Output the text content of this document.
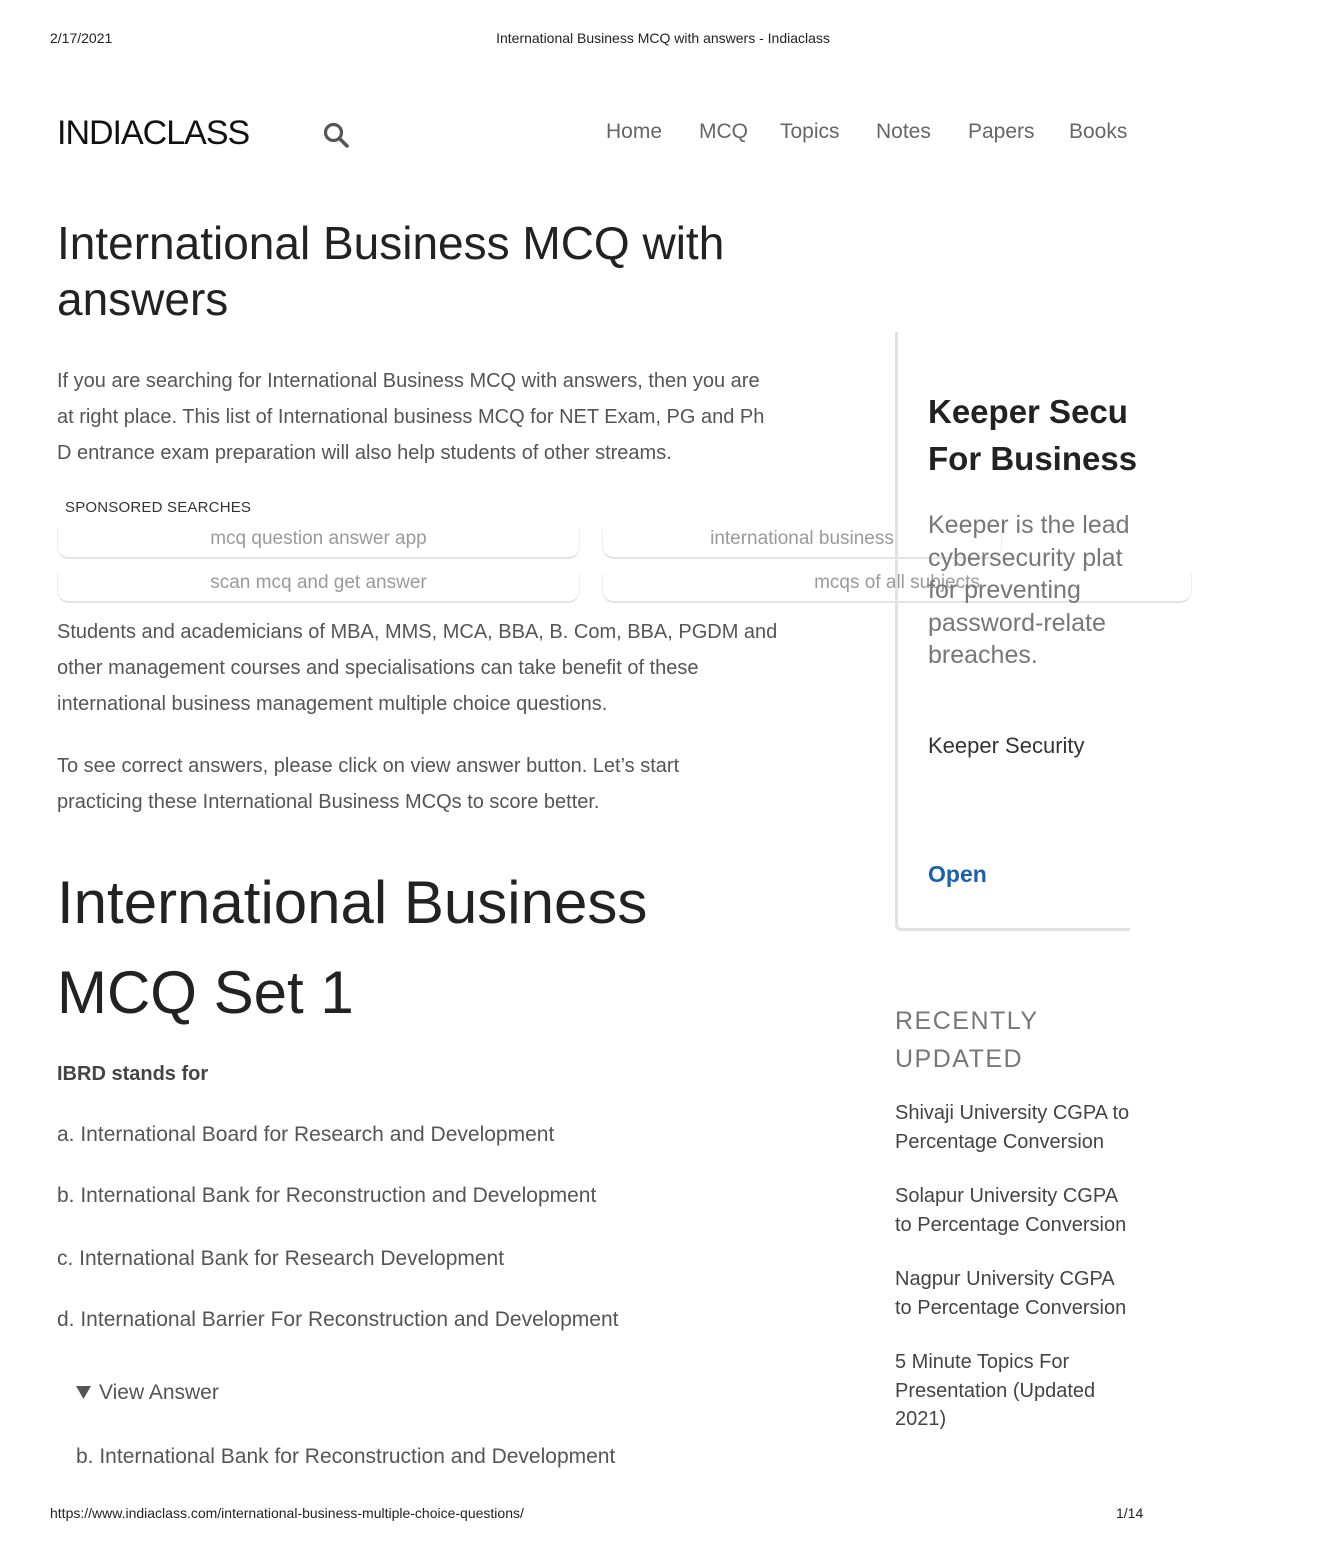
2/17/2021	International Business MCQ with answers - Indiaclass
INDIACLASS	Home MCQ Topics Notes Papers Books
International Business MCQ with
answers
If you are searching for International Business MCQ with answers, then you are
at right place. This list of International business MCQ for NET Exam, PG and Ph
D entrance exam preparation will also help students of other streams.
SPONSORED SEARCHES
mcq question answer app	international business
scan mcq and get answer	mcqs of all subjects
Students and academicians of MBA, MMS, MCA, BBA, B. Com, BBA, PGDM and
other management courses and specialisations can take benefit of these
international business management multiple choice questions.
To see correct answers, please click on view answer button. Let’s start
practicing these International Business MCQs to score better.
International Business
MCQ Set 1
IBRD stands for
a. International Board for Research and Development
b. International Bank for Reconstruction and Development
c. International Bank for Research Development
d. International Barrier For Reconstruction and Development
View Answer
b. International Bank for Reconstruction and Development
Keeper Secu
For Business
Keeper is the lead
cybersecurity plat
for preventing
password-relate
breaches.
Keeper Security
Open
RECENTLY
UPDATED
Shivaji University CGPA to
Percentage Conversion
Solapur University CGPA
to Percentage Conversion
Nagpur University CGPA
to Percentage Conversion
5 Minute Topics For
Presentation (Updated
2021)
https://www.indiaclass.com/international-business-multiple-choice-questions/	1/14
